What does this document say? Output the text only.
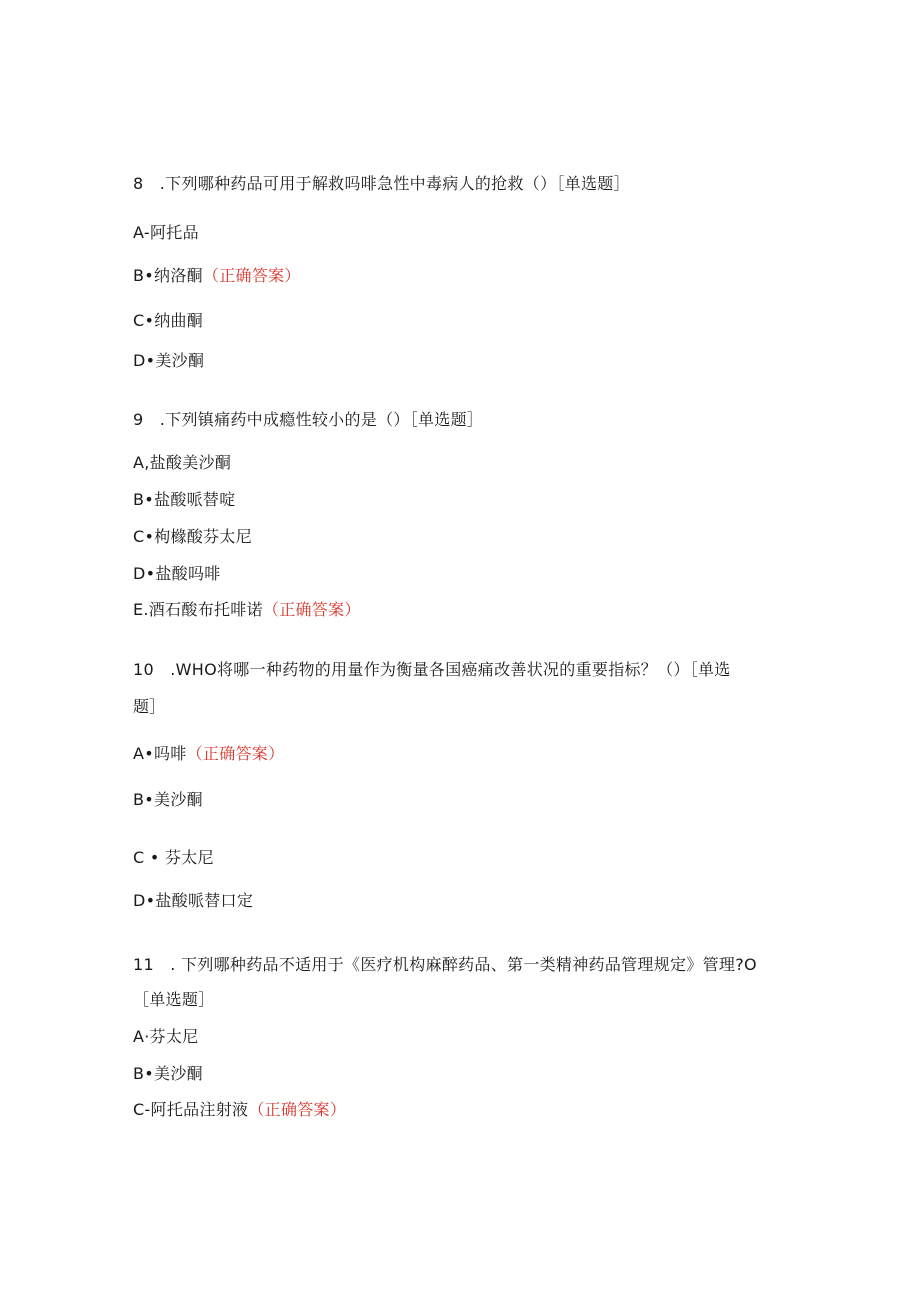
8　.下列哪种药品可用于解救吗啡急性中毒病人的抢救（）［单选题］
A-阿托品
B•纳洛酮（正确答案）
C•纳曲酮
D•美沙酮
9　.下列镇痛药中成瘾性较小的是（）［单选题］
A,盐酸美沙酮
B•盐酸哌替啶
C•枸橼酸芬太尼
D•盐酸吗啡
E.酒石酸布托啡诺（正确答案）
10　.WHO将哪一种药物的用量作为衡量各国癌痛改善状况的重要指标？（）［单选
题］
A•吗啡（正确答案）
B•美沙酮
C • 芬太尼
D•盐酸哌替口定
11　. 下列哪种药品不适用于《医疗机构麻醉药品、第一类精神药品管理规定》管理?O
［单选题］
A·芬太尼
B•美沙酮
C-阿托品注射液（正确答案）
